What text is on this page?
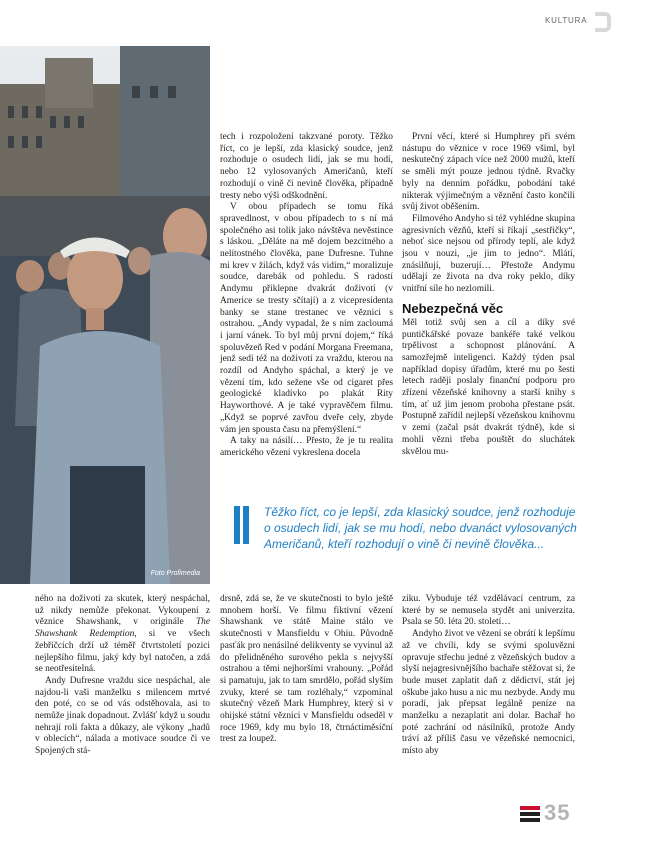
KULTURA
Foto Profimedia

tech i rozpoložení takzvané poroty. Těžko říct, co je lepší, zda klasický soudce, jenž rozhoduje o osudech lidí, jak se mu hodí, nebo 12 vylosovaných Američanů, kteří rozhodují o vině či nevině člověka, případně tresty nebo výši odškodnění.

V obou případech se tomu říká spravedlnost, v obou případech to s ní má společného asi tolik jako návštěva nevěstince s láskou. „Děláte na mě dojem bezcitného a nelítostného člověka, pane Dufresne. Tuhne mi krev v žilách, když vás vidím,“ moralizuje soudce, darebák od pohledu. S radostí Andymu přiklepne dvakrát doživotí (v Americe se tresty sčítají) a z vicepresidenta banky se stane trestanec ve věznici s ostrahou. „Andy vypadal, že s ním zacloumá i jarní vánek. To byl můj první dojem,“ říká spoluvězeň Red v podání Morgana Freemana, jenž sedí též na doživotí za vraždu, kterou na rozdíl od Andyho spáchal, a který je ve vězení tím, kdo sežene vše od cigaret přes geologické kladívko po plakát Rity Hayworthové. A je také vypravěčem filmu. „Když se poprvé zavřou dveře cely, zbyde vám jen spousta času na přemýšlení.“

A taky na násilí… Přesto, že je tu realita amerického vězení vykreslena docela

První věcí, které si Humphrey při svém nástupu do věznice v roce 1969 všiml, byl neskutečný zápach více než 2000 mužů, kteří se směli mýt pouze jednou týdně. Rvačky byly na denním pořádku, pobodání také nikterak výjimečným a věznění často končili svůj život oběšením.

Filmového Andyho si též vyhlédne skupina agresivních vězňů, kteří si říkají „sestřičky“, neboť sice nejsou od přírody teplí, ale když jsou v nouzi, „je jim to jedno“. Mlátí, znásilňují, buzerují… Přestože Andymu udělají ze života na dva roky peklo, díky vnitřní síle ho nezlomili.

Nebezpečná věc

Měl totiž svůj sen a cíl a díky své puntičkářské povaze bankéře také velkou trpělivost a schopnost plánování. A samozřejmě inteligenci. Každý týden psal například dopisy úřadům, které mu po šesti letech raději poslaly finanční podporu pro zřízení vězeňské knihovny a starší knihy s tím, ať už jim jenom proboha přestane psát. Postupně zařídil nejlepší vězeňskou knihovnu v zemi (začal psát dvakrát týdně), kde si mohli vězni třeba pouštět do sluchátek skvělou mu-

Těžko říct, co je lepší, zda klasický soudce, jenž rozhoduje o osudech lidí, jak se mu hodí, nebo dvanáct vylosovaných Američanů, kteří rozhodují o vině či nevině člověka...

ného na doživotí za skutek, který nespáchal, už nikdy nemůže překonat. Vykoupení z věznice Shawshank, v originále The Shawshank Redemption, si ve všech žebříčcích drží už téměř čtvrtstoletí pozici nejlepšího filmu, jaký kdy byl natočen, a zdá se neotřesitelná.

Andy Dufresne vraždu sice nespáchal, ale najdou-li vaši manželku s milencem mrtvé den poté, co se od vás odstěhovala, asi to nemůže jinak dopadnout. Zvlášť když u soudu nehrají roli fakta a důkazy, ale výkony „hadů v oblecích“, nálada a motivace soudce či ve Spojených stá-

drsně, zdá se, že ve skutečnosti to bylo ještě mnohem horší. Ve filmu fiktivní vězení Shawshank ve státě Maine stálo ve skutečnosti v Mansfieldu v Ohiu. Původně pasťák pro nenásilné delikventy se vyvinul až do přelidněného surového pekla s nejvyšší ostrahou a těmi nejhoršími vrahouny. „Pořád si pamatuju, jak to tam smrdělo, pořád slyším zvuky, které se tam rozléhaly,“ vzpomínal skutečný vězeň Mark Humphrey, který si v ohijské státní věznici v Mansfieldu odseděl v roce 1969, kdy mu bylo 18, čtrnáctiměsíční trest za loupež.

ziku. Vybuduje též vzdělávací centrum, za které by se nemusela stydět ani univerzita. Psala se 50. léta 20. století…

Andyho život ve vězení se obrátí k lepšímu až ve chvíli, kdy se svými spoluvězni opravuje střechu jedné z vězeňských budov a slyší nejagresivnějšího bachaře stěžovat si, že bude muset zaplatit daň z dědictví, stát jej oškube jako husu a nic mu nezbyde. Andy mu poradí, jak přepsat legálně peníze na manželku a nezaplatit ani dolar. Bachař ho poté zachrání od násilníků, protože Andy tráví až příliš času ve vězeňské nemocnici, místo aby

35
